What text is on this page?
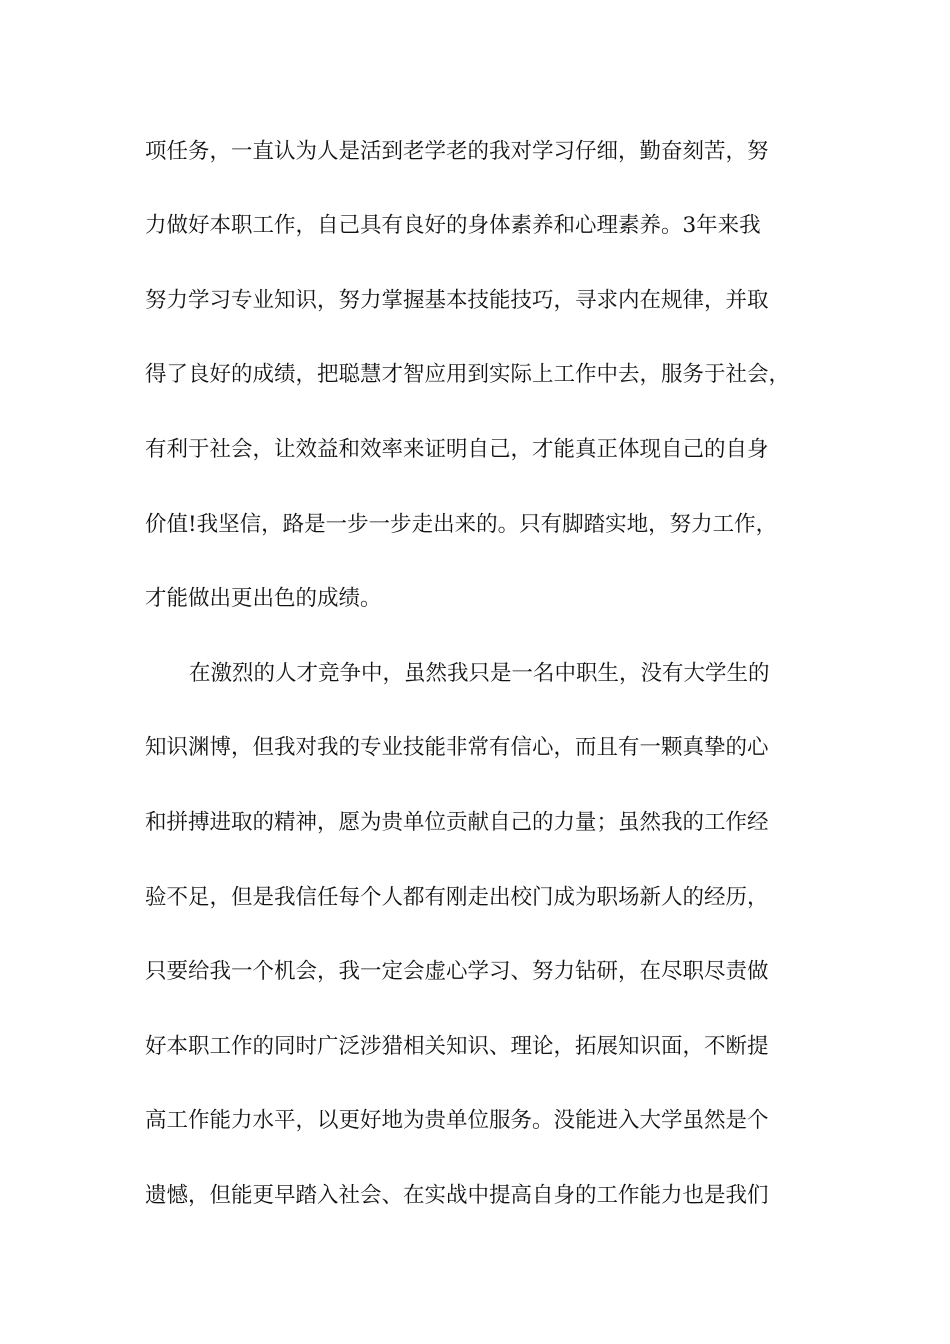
项任务，一直认为人是活到老学老的我对学习仔细，勤奋刻苦，努
力做好本职工作，自己具有良好的身体素养和心理素养。3年来我
努力学习专业知识，努力掌握基本技能技巧，寻求内在规律，并取
得了良好的成绩，把聪慧才智应用到实际上工作中去，服务于社会，
有利于社会，让效益和效率来证明自己，才能真正体现自己的自身
价值!我坚信，路是一步一步走出来的。只有脚踏实地，努力工作，
才能做出更出色的成绩。
在激烈的人才竞争中，虽然我只是一名中职生，没有大学生的
知识渊博，但我对我的专业技能非常有信心，而且有一颗真挚的心
和拼搏进取的精神，愿为贵单位贡献自己的力量；虽然我的工作经
验不足，但是我信任每个人都有刚走出校门成为职场新人的经历，
只要给我一个机会，我一定会虚心学习、努力钻研，在尽职尽责做
好本职工作的同时广泛涉猎相关知识、理论，拓展知识面，不断提
高工作能力水平，以更好地为贵单位服务。没能进入大学虽然是个
遗憾，但能更早踏入社会、在实战中提高自身的工作能力也是我们
